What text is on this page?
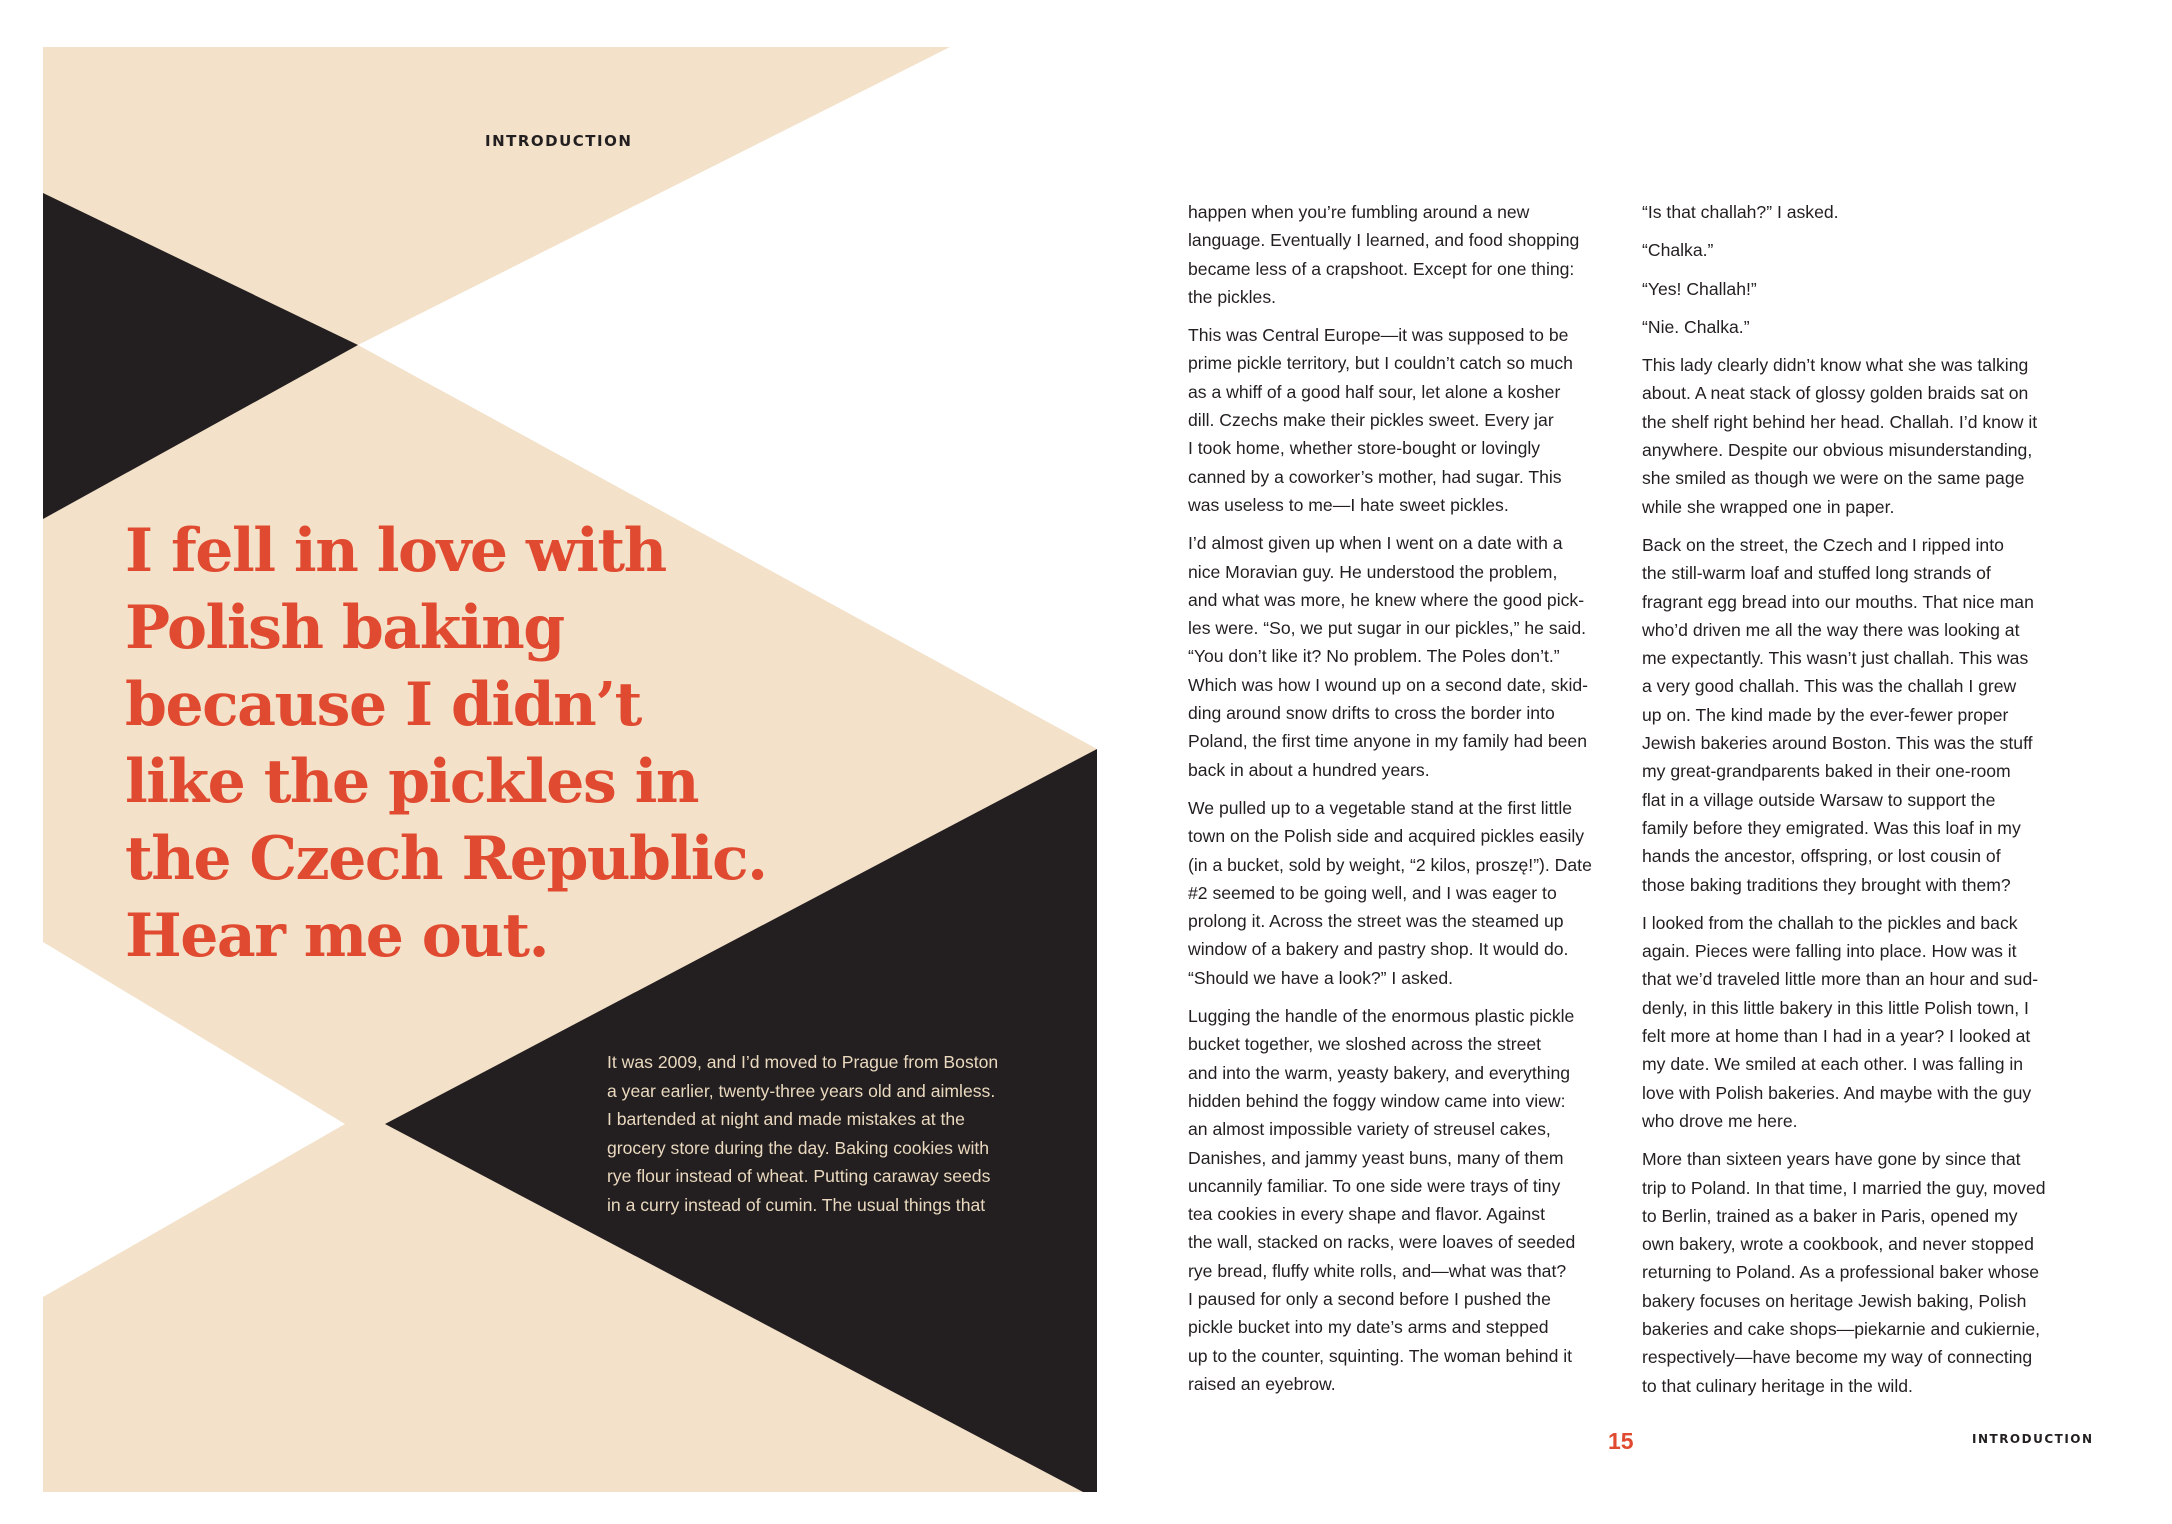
INTRODUCTION
I fell in love with
Polish baking
because I didn’t
like the pickles in
the Czech Republic.
Hear me out.
It was 2009, and I’d moved to Prague from Boston
a year earlier, twenty-three years old and aimless.
I bartended at night and made mistakes at the
grocery store during the day. Baking cookies with
rye flour instead of wheat. Putting caraway seeds
in a curry instead of cumin. The usual things that
happen when you’re fumbling around a new
language. Eventually I learned, and food shopping
became less of a crapshoot. Except for one thing:
the pickles.
This was Central Europe—it was supposed to be
prime pickle territory, but I couldn’t catch so much
as a whiff of a good half sour, let alone a kosher
dill. Czechs make their pickles sweet. Every jar
I took home, whether store-bought or lovingly
canned by a coworker’s mother, had sugar. This
was useless to me—I hate sweet pickles.
I’d almost given up when I went on a date with a
nice Moravian guy. He understood the problem,
and what was more, he knew where the good pick-
les were. “So, we put sugar in our pickles,” he said.
“You don’t like it? No problem. The Poles don’t.”
Which was how I wound up on a second date, skid-
ding around snow drifts to cross the border into
Poland, the first time anyone in my family had been
back in about a hundred years.
We pulled up to a vegetable stand at the first little
town on the Polish side and acquired pickles easily
(in a bucket, sold by weight, “2 kilos, proszę!”). Date
#2 seemed to be going well, and I was eager to
prolong it. Across the street was the steamed up
window of a bakery and pastry shop. It would do.
“Should we have a look?” I asked.
Lugging the handle of the enormous plastic pickle
bucket together, we sloshed across the street
and into the warm, yeasty bakery, and everything
hidden behind the foggy window came into view:
an almost impossible variety of streusel cakes,
Danishes, and jammy yeast buns, many of them
uncannily familiar. To one side were trays of tiny
tea cookies in every shape and flavor. Against
the wall, stacked on racks, were loaves of seeded
rye bread, fluffy white rolls, and—what was that?
I paused for only a second before I pushed the
pickle bucket into my date’s arms and stepped
up to the counter, squinting. The woman behind it
raised an eyebrow.
“Is that challah?” I asked.
“Chalka.”
“Yes! Challah!”
“Nie. Chalka.”
This lady clearly didn’t know what she was talking
about. A neat stack of glossy golden braids sat on
the shelf right behind her head. Challah. I’d know it
anywhere. Despite our obvious misunderstanding,
she smiled as though we were on the same page
while she wrapped one in paper.
Back on the street, the Czech and I ripped into
the still-warm loaf and stuffed long strands of
fragrant egg bread into our mouths. That nice man
who’d driven me all the way there was looking at
me expectantly. This wasn’t just challah. This was
a very good challah. This was the challah I grew
up on. The kind made by the ever-fewer proper
Jewish bakeries around Boston. This was the stuff
my great-grandparents baked in their one-room
flat in a village outside Warsaw to support the
family before they emigrated. Was this loaf in my
hands the ancestor, offspring, or lost cousin of
those baking traditions they brought with them?
I looked from the challah to the pickles and back
again. Pieces were falling into place. How was it
that we’d traveled little more than an hour and sud-
denly, in this little bakery in this little Polish town, I
felt more at home than I had in a year? I looked at
my date. We smiled at each other. I was falling in
love with Polish bakeries. And maybe with the guy
who drove me here.
More than sixteen years have gone by since that
trip to Poland. In that time, I married the guy, moved
to Berlin, trained as a baker in Paris, opened my
own bakery, wrote a cookbook, and never stopped
returning to Poland. As a professional baker whose
bakery focuses on heritage Jewish baking, Polish
bakeries and cake shops—piekarnie and cukiernie,
respectively—have become my way of connecting
to that culinary heritage in the wild.
15	INTRODUCTION
